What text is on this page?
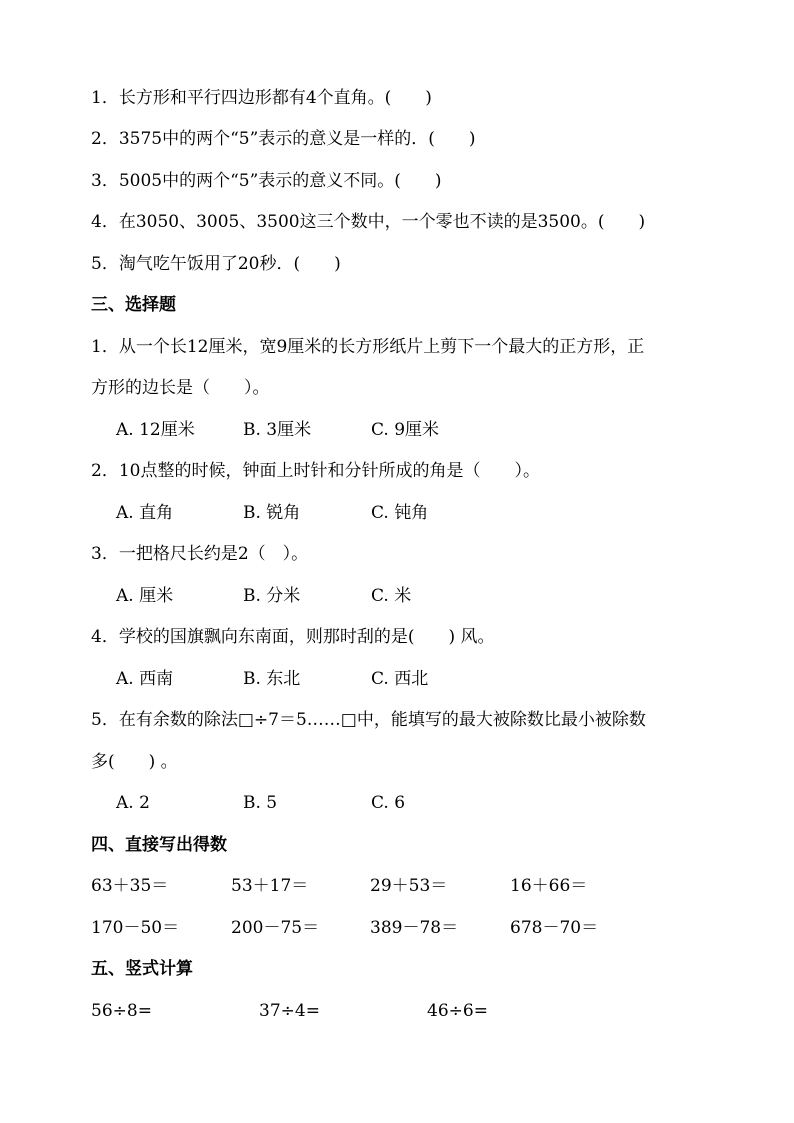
1．长方形和平行四边形都有4个直角。(　　)
2．3575中的两个“5”表示的意义是一样的．(　　)
3．5005中的两个“5”表示的意义不同。(　　)
4．在3050、3005、3500这三个数中，一个零也不读的是3500。(　　)
5．淘气吃午饭用了20秒．(　　)
三、选择题
1．从一个长12厘米，宽9厘米的长方形纸片上剪下一个最大的正方形，正
方形的边长是（　　）。
A. 12厘米	B. 3厘米	C. 9厘米
2．10点整的时候，钟面上时针和分针所成的角是（　　）。
A. 直角	B. 锐角	C. 钝角
3．一把格尺长约是2（　）。
A. 厘米	B. 分米	C. 米
4．学校的国旗飘向东南面，则那时刮的是(　　) 风。
A. 西南	B. 东北	C. 西北
5．在有余数的除法□÷7＝5……□中，能填写的最大被除数比最小被除数
多(　　) 。
A. 2	B. 5	C. 6
四、直接写出得数
63＋35＝	53＋17＝	29＋53＝	16＋66＝
170－50＝	200－75＝	389－78＝	678－70＝
五、竖式计算
56÷8=	37÷4=	46÷6=
